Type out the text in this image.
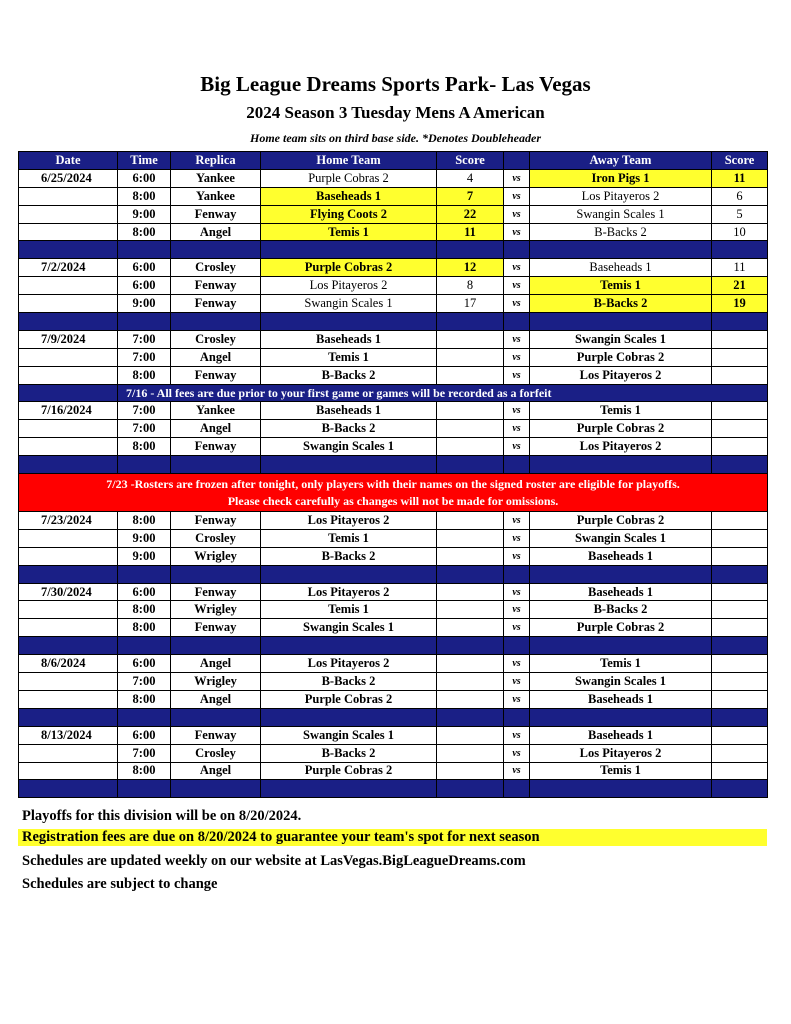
Big League Dreams Sports Park- Las Vegas
2024 Season 3 Tuesday Mens A American
Home team sits on third base side. *Denotes Doubleheader
Date	Time	Replica	Home Team	Score		Away Team	Score
6/25/2024	6:00	Yankee	Purple Cobras 2	4	vs	Iron Pigs 1	11
	8:00	Yankee	Baseheads 1	7	vs	Los Pitayeros 2	6
	9:00	Fenway	Flying Coots 2	22	vs	Swangin Scales 1	5
	8:00	Angel	Temis 1	11	vs	B-Backs 2	10

7/2/2024	6:00	Crosley	Purple Cobras 2	12	vs	Baseheads 1	11
	6:00	Fenway	Los Pitayeros 2	8	vs	Temis 1	21
	9:00	Fenway	Swangin Scales 1	17	vs	B-Backs 2	19

7/9/2024	7:00	Crosley	Baseheads 1		vs	Swangin Scales 1	
	7:00	Angel	Temis 1		vs	Purple Cobras 2	
	8:00	Fenway	B-Backs 2		vs	Los Pitayeros 2	
	7/16 - All fees are due prior to your first game or games will be recorded as a forfeit						
7/16/2024	7:00	Yankee	Baseheads 1		vs	Temis 1	
	7:00	Angel	B-Backs 2		vs	Purple Cobras 2	
	8:00	Fenway	Swangin Scales 1		vs	Los Pitayeros 2	

7/23 -Rosters are frozen after tonight, only players with their names on the signed roster are eligible for playoffs.
Please check carefully as changes will not be made for omissions.							

7/23/2024	8:00	Fenway	Los Pitayeros 2		vs	Purple Cobras 2	
	9:00	Crosley	Temis 1		vs	Swangin Scales 1	
	9:00	Wrigley	B-Backs 2		vs	Baseheads 1	

7/30/2024	6:00	Fenway	Los Pitayeros 2		vs	Baseheads 1	
	8:00	Wrigley	Temis 1		vs	B-Backs 2	
	8:00	Fenway	Swangin Scales 1		vs	Purple Cobras 2	

8/6/2024	6:00	Angel	Los Pitayeros 2		vs	Temis 1	
	7:00	Wrigley	B-Backs 2		vs	Swangin Scales 1	
	8:00	Angel	Purple Cobras 2		vs	Baseheads 1	

8/13/2024	6:00	Fenway	Swangin Scales 1		vs	Baseheads 1	
	7:00	Crosley	B-Backs 2		vs	Los Pitayeros 2	
	8:00	Angel	Purple Cobras 2		vs	Temis 1	

Playoffs for this division will be on 8/20/2024.
Registration fees are due on 8/20/2024 to guarantee your team's spot for next season
Schedules are updated weekly on our website at LasVegas.BigLeagueDreams.com
Schedules are subject to change
